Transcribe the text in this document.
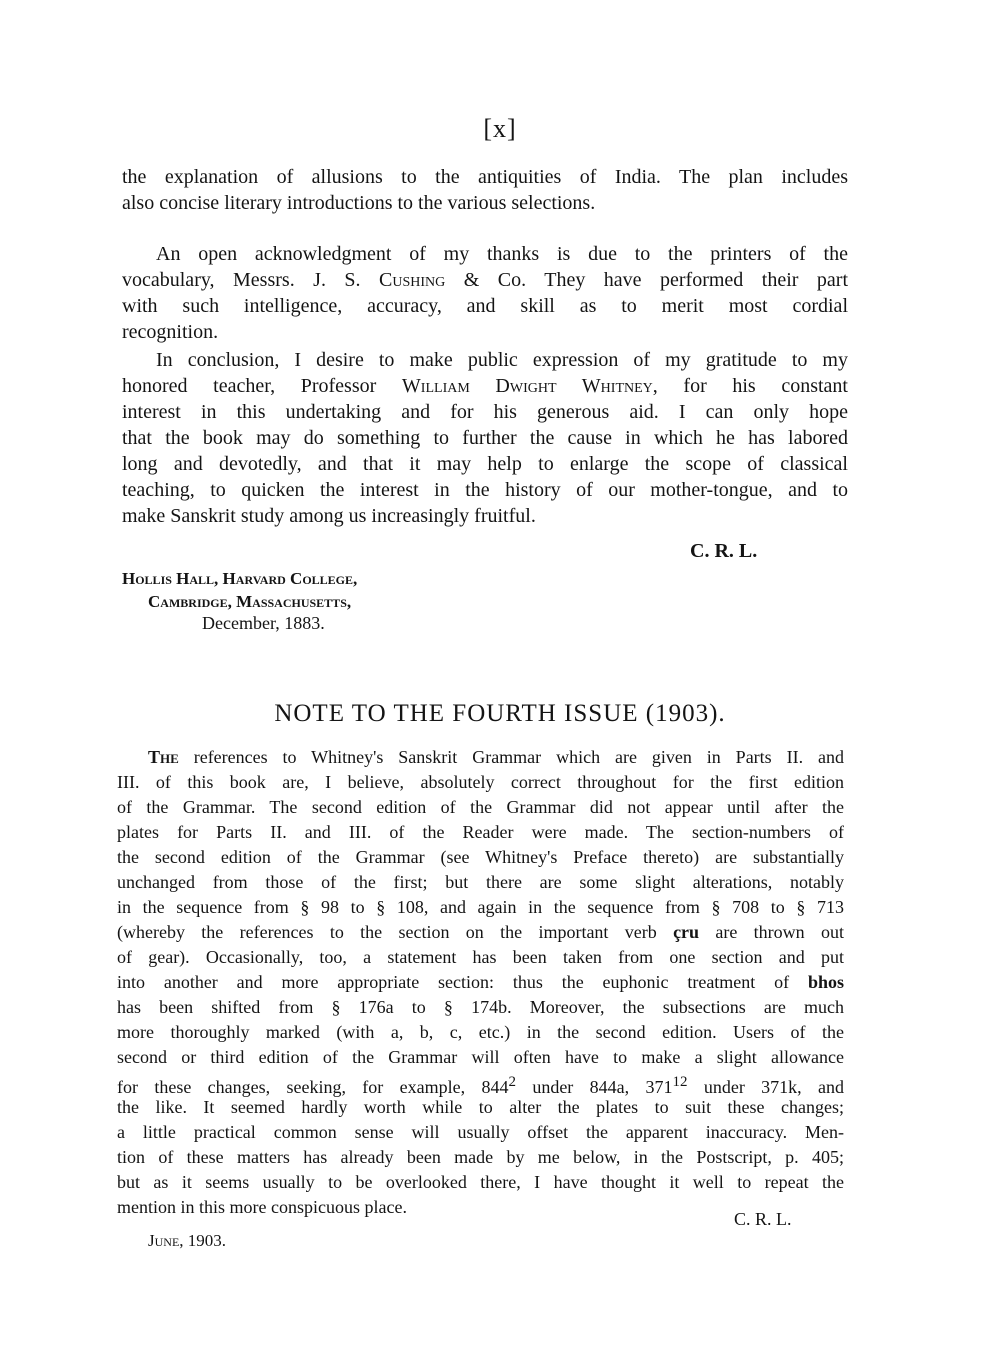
[x]
the explanation of allusions to the antiquities of India. The plan includes
also concise literary introductions to the various selections.
An open acknowledgment of my thanks is due to the printers of the
vocabulary, Messrs. J. S. Cushing & Co. They have performed their part
with such intelligence, accuracy, and skill as to merit most cordial
recognition.
In conclusion, I desire to make public expression of my gratitude to my
honored teacher, Professor William Dwight Whitney, for his constant
interest in this undertaking and for his generous aid. I can only hope
that the book may do something to further the cause in which he has labored
long and devotedly, and that it may help to enlarge the scope of classical
teaching, to quicken the interest in the history of our mother-tongue, and to
make Sanskrit study among us increasingly fruitful.
C. R. L.
Hollis Hall, Harvard College,
Cambridge, Massachusetts,
December, 1883.
NOTE TO THE FOURTH ISSUE (1903).
The references to Whitney's Sanskrit Grammar which are given in Parts II. and
III. of this book are, I believe, absolutely correct throughout for the first edition
of the Grammar. The second edition of the Grammar did not appear until after the
plates for Parts II. and III. of the Reader were made. The section-numbers of
the second edition of the Grammar (see Whitney's Preface thereto) are substantially
unchanged from those of the first; but there are some slight alterations, notably
in the sequence from § 98 to § 108, and again in the sequence from § 708 to § 713
(whereby the references to the section on the important verb çru are thrown out
of gear). Occasionally, too, a statement has been taken from one section and put
into another and more appropriate section: thus the euphonic treatment of bhos
has been shifted from § 176a to § 174b. Moreover, the subsections are much
more thoroughly marked (with a, b, c, etc.) in the second edition. Users of the
second or third edition of the Grammar will often have to make a slight allowance
for these changes, seeking, for example, $844^2$ under 844a, $371^{12}$ under 371k, and
the like. It seemed hardly worth while to alter the plates to suit these changes;
a little practical common sense will usually offset the apparent inaccuracy. Men-
tion of these matters has already been made by me below, in the Postscript, p. 405;
but as it seems usually to be overlooked there, I have thought it well to repeat the
mention in this more conspicuous place.
C. R. L.
June, 1903.
